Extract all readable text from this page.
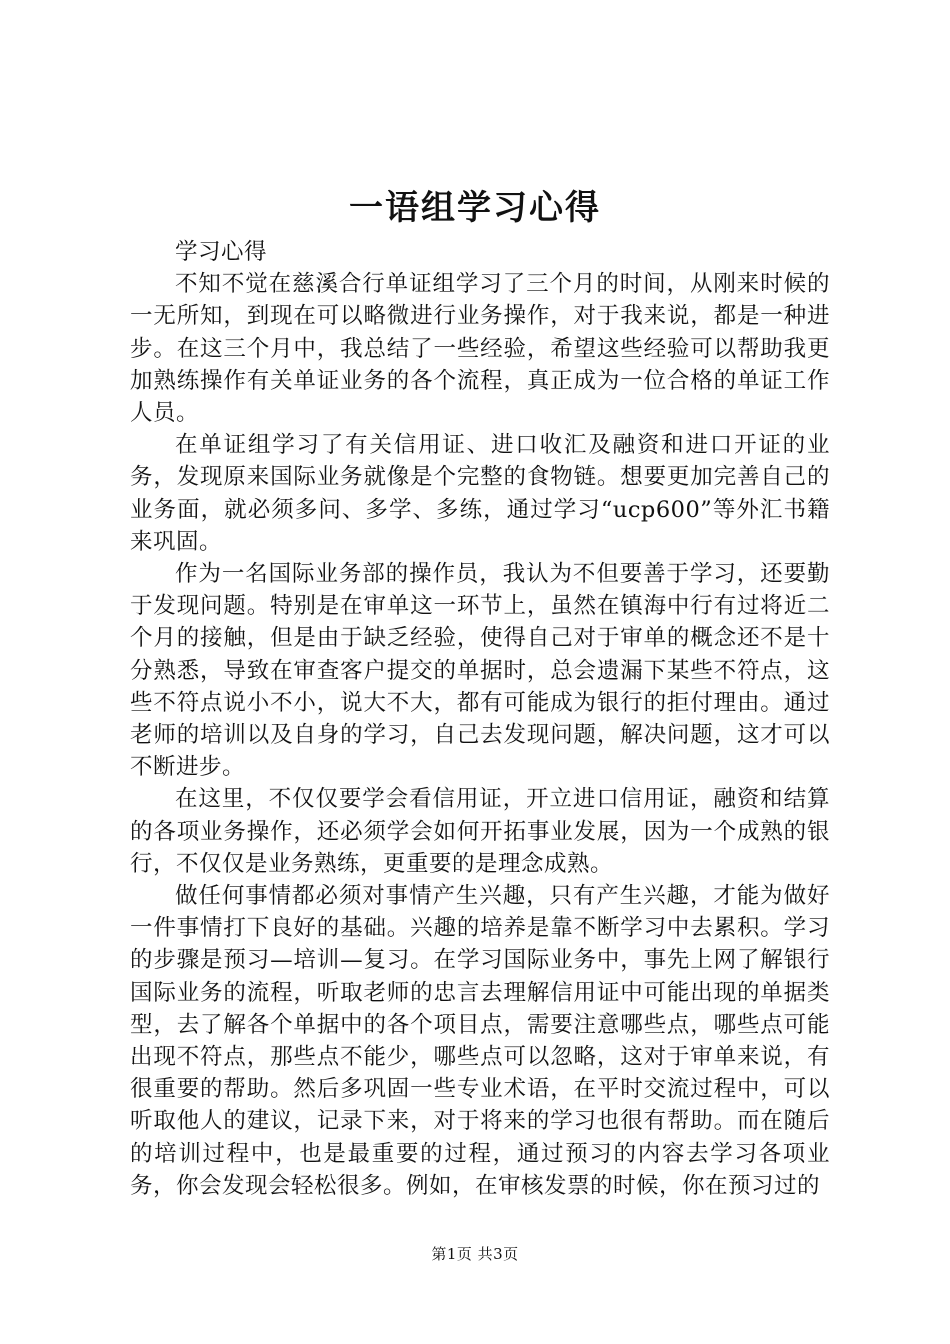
一语组学习心得

学习心得

不知不觉在慈溪合行单证组学习了三个月的时间，从刚来时候的一无所知，到现在可以略微进行业务操作，对于我来说，都是一种进步。在这三个月中，我总结了一些经验，希望这些经验可以帮助我更加熟练操作有关单证业务的各个流程，真正成为一位合格的单证工作人员。

在单证组学习了有关信用证、进口收汇及融资和进口开证的业务，发现原来国际业务就像是个完整的食物链。想要更加完善自己的业务面，就必须多问、多学、多练，通过学习“ucp600”等外汇书籍来巩固。

作为一名国际业务部的操作员，我认为不但要善于学习，还要勤于发现问题。特别是在审单这一环节上，虽然在镇海中行有过将近二个月的接触，但是由于缺乏经验，使得自己对于审单的概念还不是十分熟悉，导致在审查客户提交的单据时，总会遗漏下某些不符点，这些不符点说小不小，说大不大，都有可能成为银行的拒付理由。通过老师的培训以及自身的学习，自己去发现问题，解决问题，这才可以不断进步。

在这里，不仅仅要学会看信用证，开立进口信用证，融资和结算的各项业务操作，还必须学会如何开拓事业发展，因为一个成熟的银行，不仅仅是业务熟练，更重要的是理念成熟。

做任何事情都必须对事情产生兴趣，只有产生兴趣，才能为做好一件事情打下良好的基础。兴趣的培养是靠不断学习中去累积。学习的步骤是预习—培训—复习。在学习国际业务中，事先上网了解银行国际业务的流程，听取老师的忠言去理解信用证中可能出现的单据类型，去了解各个单据中的各个项目点，需要注意哪些点，哪些点可能出现不符点，那些点不能少，哪些点可以忽略，这对于审单来说，有很重要的帮助。然后多巩固一些专业术语，在平时交流过程中，可以听取他人的建议，记录下来，对于将来的学习也很有帮助。而在随后的培训过程中，也是最重要的过程，通过预习的内容去学习各项业务，你会发现会轻松很多。例如，在审核发票的时候，你在预习过的

第1页 共3页
